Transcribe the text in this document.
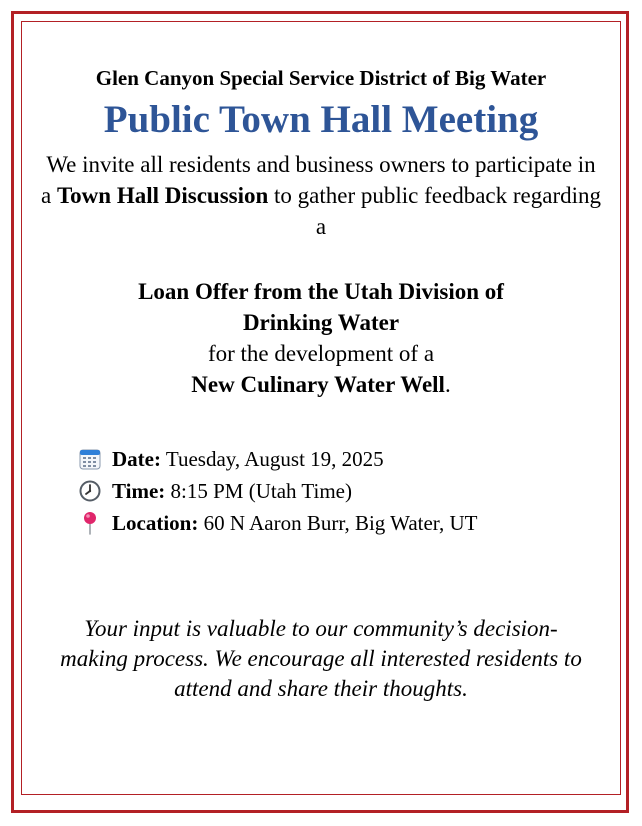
Glen Canyon Special Service District of Big Water

Public Town Hall Meeting

We invite all residents and business owners to participate in a Town Hall Discussion to gather public feedback regarding a

Loan Offer from the Utah Division of Drinking Water
for the development of a
New Culinary Water Well.

Date: Tuesday, August 19, 2025
Time: 8:15 PM (Utah Time)
Location: 60 N Aaron Burr, Big Water, UT

Your input is valuable to our community’s decision-making process. We encourage all interested residents to attend and share their thoughts.
